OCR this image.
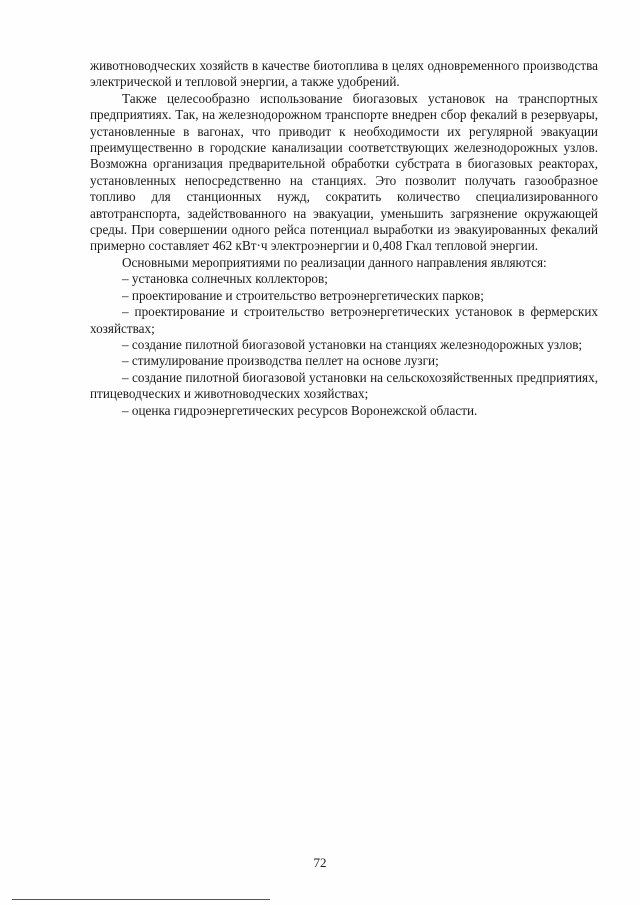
животноводческих хозяйств в качестве биотоплива в целях одновременного производства электрической и тепловой энергии, а также удобрений.

Также целесообразно использование биогазовых установок на транспортных предприятиях. Так, на железнодорожном транспорте внедрен сбор фекалий в резервуары, установленные в вагонах, что приводит к необходимости их регулярной эвакуации преимущественно в городские канализации соответствующих железнодорожных узлов. Возможна организация предварительной обработки субстрата в биогазовых реакторах, установленных непосредственно на станциях. Это позволит получать газообразное топливо для станционных нужд, сократить количество специализированного автотранспорта, задействованного на эвакуации, уменьшить загрязнение окружающей среды. При совершении одного рейса потенциал выработки из эвакуированных фекалий примерно составляет 462 кВт·ч электроэнергии и 0,408 Гкал тепловой энергии.

Основными мероприятиями по реализации данного направления являются:

– установка солнечных коллекторов;

– проектирование и строительство ветроэнергетических парков;

– проектирование и строительство ветроэнергетических установок в фермерских хозяйствах;

– создание пилотной биогазовой установки на станциях железнодорожных узлов;

– стимулирование производства пеллет на основе лузги;

– создание пилотной биогазовой установки на сельскохозяйственных предприятиях, птицеводческих и животноводческих хозяйствах;

– оценка гидроэнергетических ресурсов Воронежской области.

72
